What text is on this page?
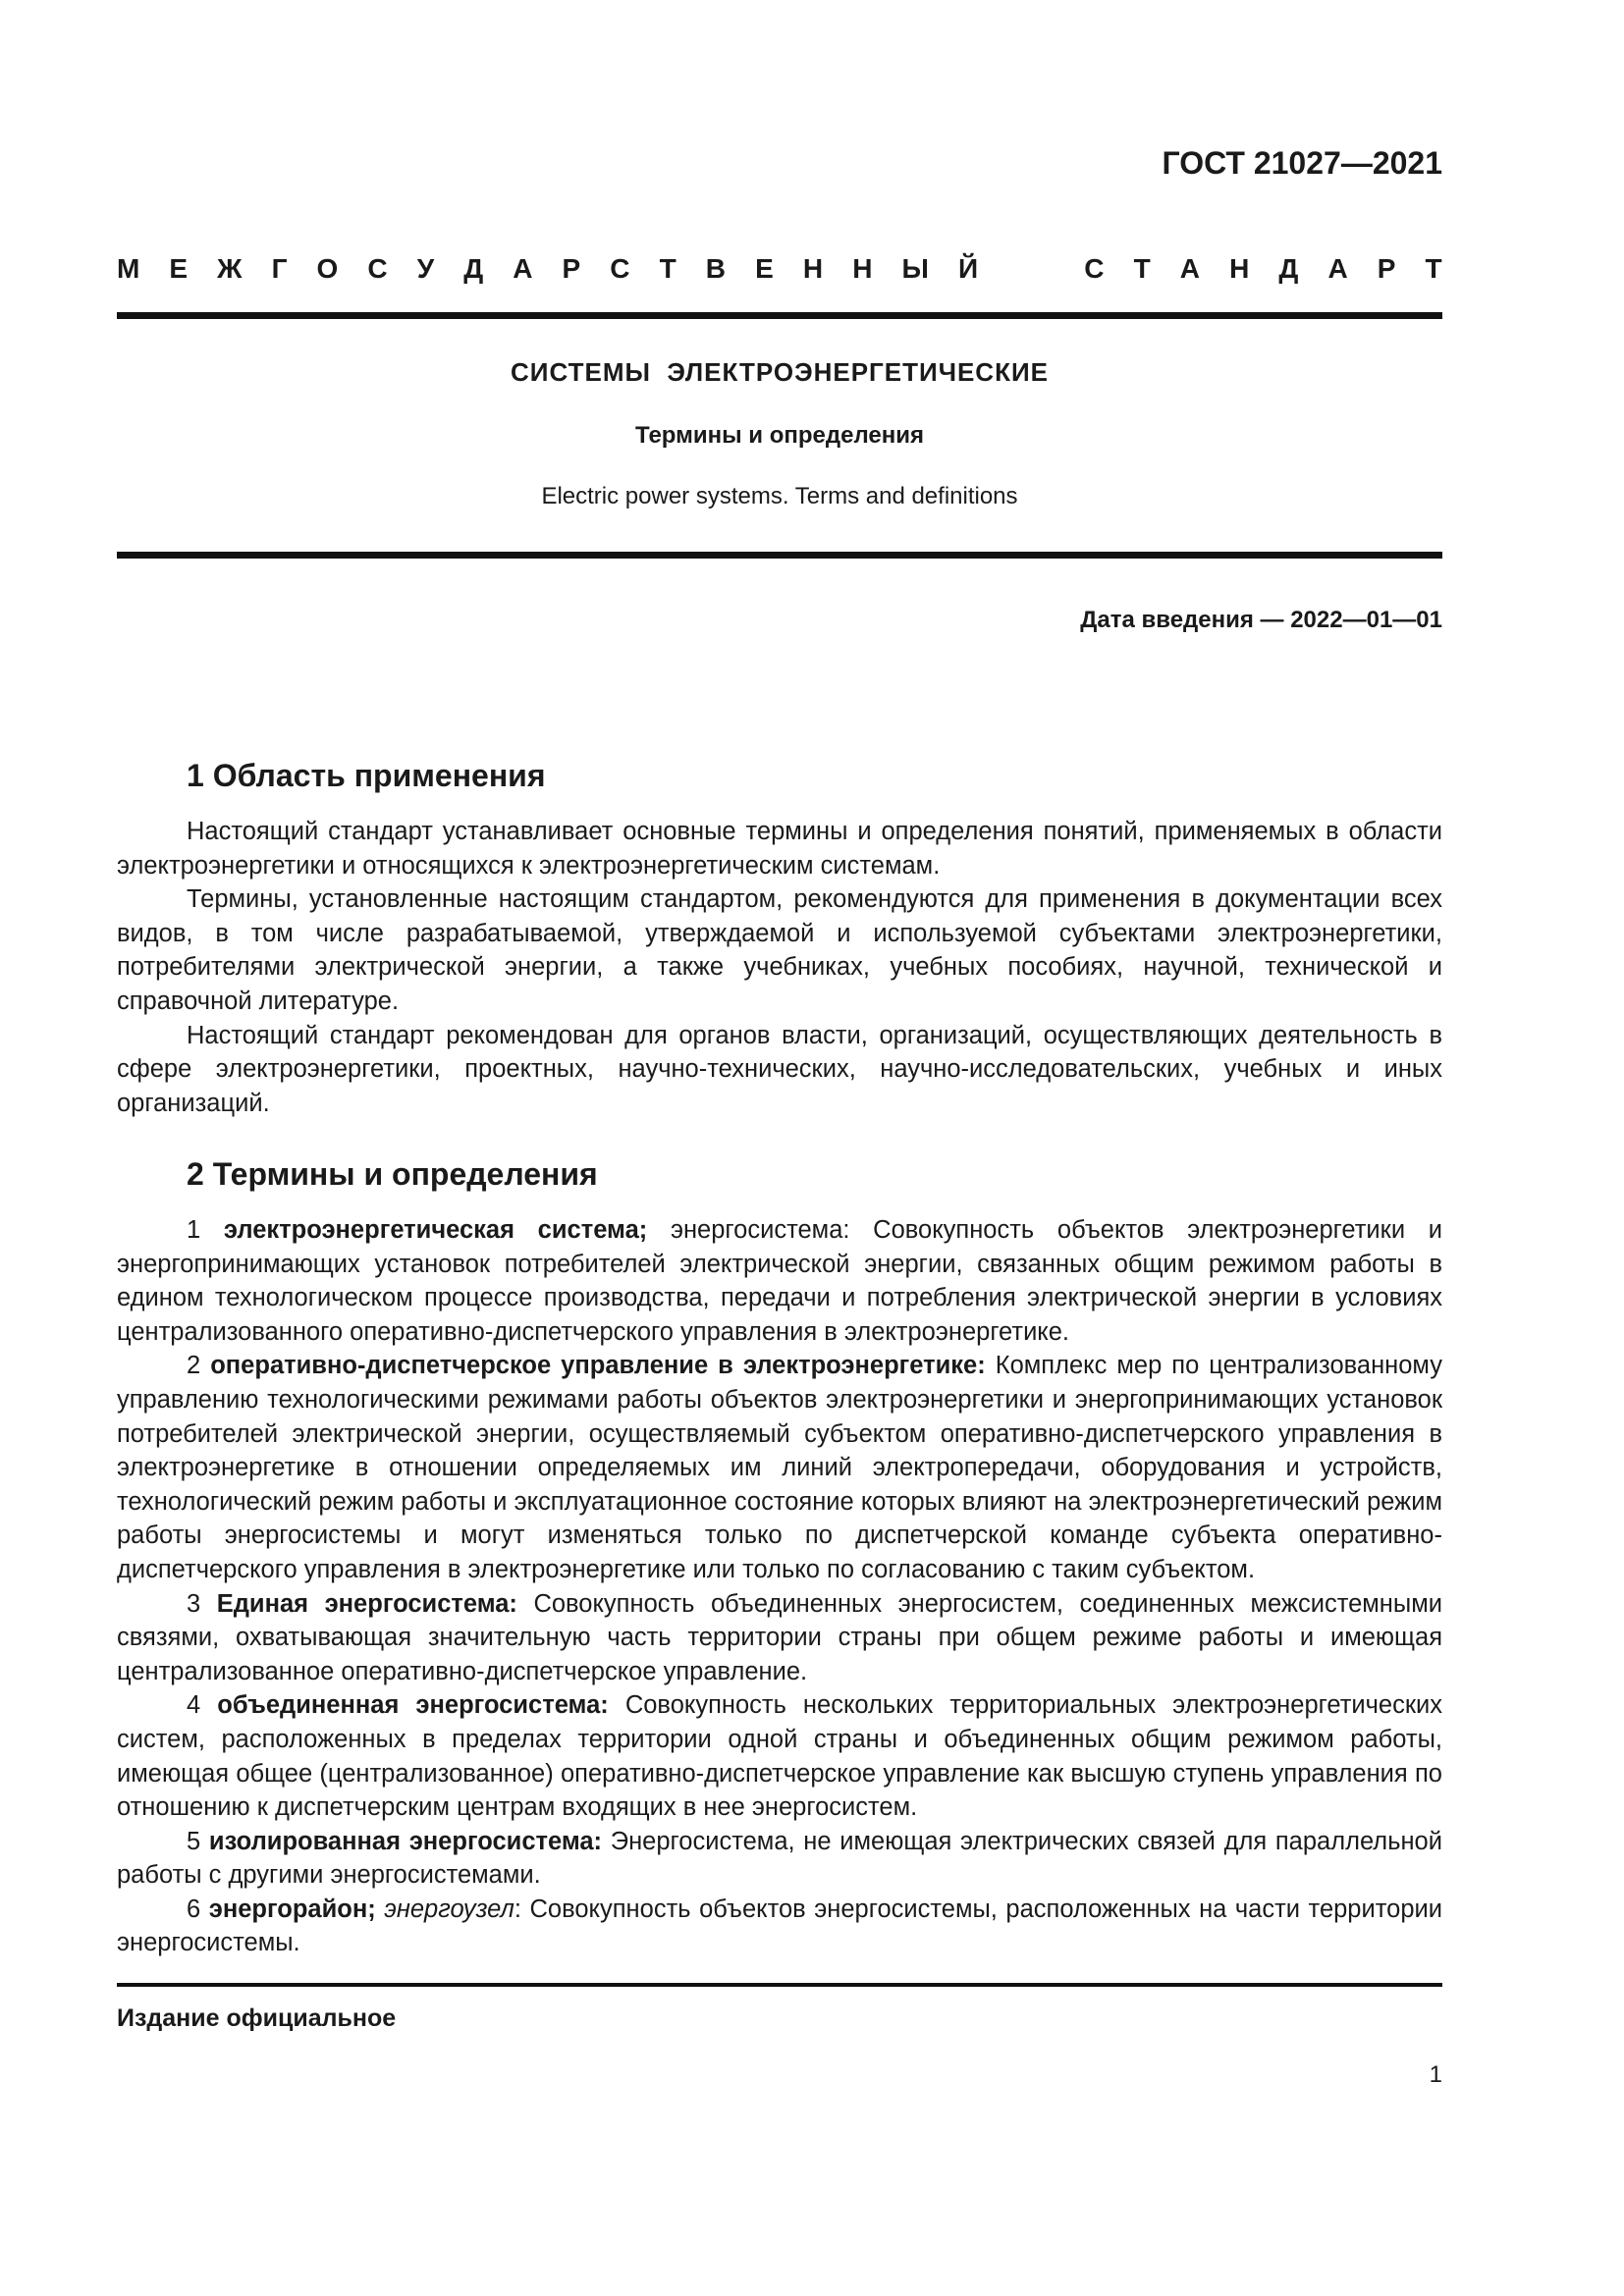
ГОСТ 21027—2021
М Е Ж Г О С У Д А Р С Т В Е Н Н Ы Й	С Т А Н Д А Р Т
СИСТЕМЫ  ЭЛЕКТРОЭНЕРГЕТИЧЕСКИЕ
Термины и определения
Electric power systems. Terms and definitions
Дата введения — 2022—01—01
1 Область применения

Настоящий стандарт устанавливает основные термины и определения понятий, применяемых в области электроэнергетики и относящихся к электроэнергетическим системам.

Термины, установленные настоящим стандартом, рекомендуются для применения в документации всех видов, в том числе разрабатываемой, утверждаемой и используемой субъектами электроэнергетики, потребителями электрической энергии, а также учебниках, учебных пособиях, научной, технической и справочной литературе.

Настоящий стандарт рекомендован для органов власти, организаций, осуществляющих деятельность в сфере электроэнергетики, проектных, научно-технических, научно-исследовательских, учебных и иных организаций.

2 Термины и определения

1 электроэнергетическая система; энергосистема: Совокупность объектов электроэнергетики и энергопринимающих установок потребителей электрической энергии, связанных общим режимом работы в едином технологическом процессе производства, передачи и потребления электрической энергии в условиях централизованного оперативно-диспетчерского управления в электроэнергетике.

2 оперативно-диспетчерское управление в электроэнергетике: Комплекс мер по централизованному управлению технологическими режимами работы объектов электроэнергетики и энергопринимающих установок потребителей электрической энергии, осуществляемый субъектом оперативно-диспетчерского управления в электроэнергетике в отношении определяемых им линий электропередачи, оборудования и устройств, технологический режим работы и эксплуатационное состояние которых влияют на электроэнергетический режим работы энергосистемы и могут изменяться только по диспетчерской команде субъекта оперативно-диспетчерского управления в электроэнергетике или только по согласованию с таким субъектом.

3 Единая энергосистема: Совокупность объединенных энергосистем, соединенных межсистемными связями, охватывающая значительную часть территории страны при общем режиме работы и имеющая централизованное оперативно-диспетчерское управление.

4 объединенная энергосистема: Совокупность нескольких территориальных электроэнергетических систем, расположенных в пределах территории одной страны и объединенных общим режимом работы, имеющая общее (централизованное) оперативно-диспетчерское управление как высшую ступень управления по отношению к диспетчерским центрам входящих в нее энергосистем.

5 изолированная энергосистема: Энергосистема, не имеющая электрических связей для параллельной работы с другими энергосистемами.

6 энергорайон; энергоузел: Совокупность объектов энергосистемы, расположенных на части территории энергосистемы.

Издание официальное
1
